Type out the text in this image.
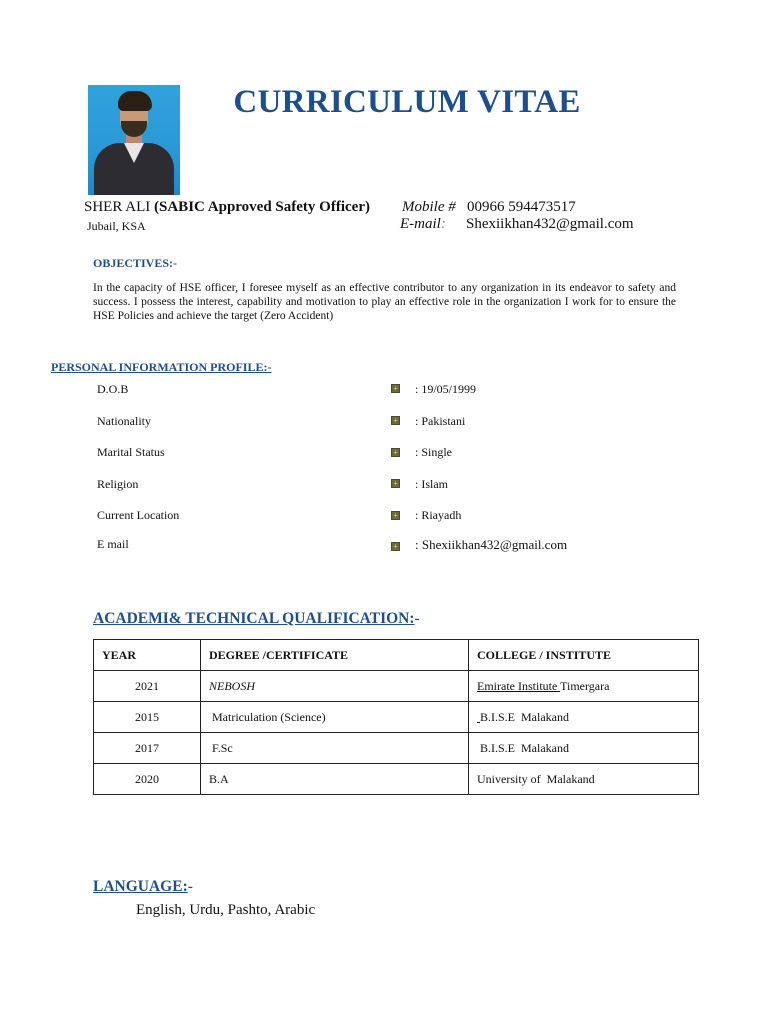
CURRICULUM VITAE
SHER ALI (SABIC Approved Safety Officer)
Jubail, KSA
Mobile # 00966 594473517
E-mail: Shexiikhan432@gmail.com
OBJECTIVES:-
In the capacity of HSE officer, I foresee myself as an effective contributor to any organization in its endeavor to safety and success. I possess the interest, capability and motivation to play an effective role in the organization I work for to ensure the HSE Policies and achieve the target (Zero Accident)
PERSONAL INFORMATION PROFILE:-
D.O.B	+ : 19/05/1999
Nationality	+ : Pakistani
Marital Status	+ : Single
Religion	+ : Islam
Current Location	+ : Riayadh
E mail	+ : Shexiikhan432@gmail.com
ACADEMI& TECHNICAL QUALIFICATION:-
YEAR	DEGREE /CERTIFICATE	COLLEGE / INSTITUTE
2021	NEBOSH	Emirate Institute Timergara
2015	Matriculation (Science)	B.I.S.E  Malakand
2017	F.Sc	B.I.S.E  Malakand
2020	B.A	University of  Malakand
LANGUAGE:-
English, Urdu, Pashto, Arabic
